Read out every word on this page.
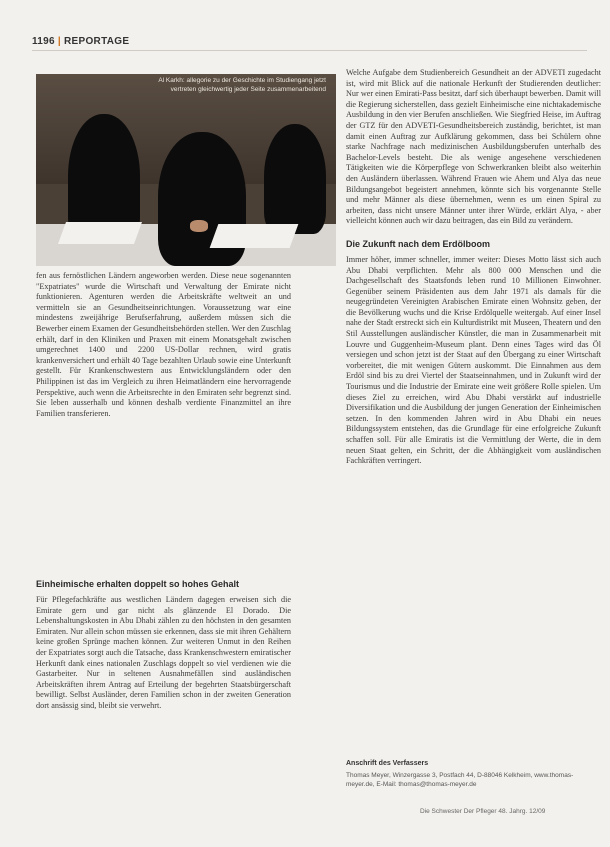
1196 | REPORTAGE
Al Karkh: allegorie zu der Geschichte im Studiengang jetzt vertreten gleichwertig jeder Seite zusammenarbeitend

fen aus fernöstlichen Ländern angeworben werden. Diese neue sogenannten "Expatriates" wurde die Wirtschaft und Verwaltung der Emirate nicht funktionieren. Agenturen werden die Arbeitskräfte weltweit an und vermitteln sie an Gesundheitseinrichtungen. Voraussetzung war eine mindestens zweijährige Berufserfahrung, außerdem müssen sich die Bewerber einem Examen der Gesundheitsbehörden stellen. Wer den Zuschlag erhält, darf in den Kliniken und Praxen mit einem Monatsgehalt zwischen umgerechnet 1400 und 2200 US-Dollar rechnen, wird gratis krankenversichert und erhält 40 Tage bezahlten Urlaub sowie eine Unterkunft gestellt. Für Krankenschwestern aus Entwicklungsländern oder den Philippinen ist das im Vergleich zu ihren Heimatländern eine hervorragende Perspektive, auch wenn die Arbeitsrechte in den Emiraten sehr begrenzt sind. Sie leben ausserhalb und können deshalb verdiente Finanzmittel an ihre Familien transferieren.

Einheimische erhalten doppelt so hohes Gehalt

Für Pflegefachkräfte aus westlichen Ländern dagegen erweisen sich die Emirate gern und gar nicht als glänzende El Dorado. Die Lebenshaltungskosten in Abu Dhabi zählen zu den höchsten in den gesamten Emiraten. Nur allein schon müssen sie erkennen, dass sie mit ihren Gehältern keine großen Sprünge machen können. Zur weiteren Unmut in den Reihen der Expatriates sorgt auch die Tatsache, dass Krankenschwestern emiratischer Herkunft dank eines nationalen Zuschlags doppelt so viel verdienen wie die Gastarbeiter. Nur in seltenen Ausnahmefällen sind ausländischen Arbeitskräften ihrem Antrag auf Erteilung der begehrten Staatsbürgerschaft bewilligt. Selbst Ausländer, deren Familien schon in der zweiten Generation dort ansässig sind, bleibt sie verwehrt.

Welche Aufgabe dem Studienbereich Gesundheit an der ADVETI zugedacht ist, wird mit Blick auf die nationale Herkunft der Studierenden deutlicher: Nur wer einen Emirati-Pass besitzt, darf sich überhaupt bewerben. Damit will die Regierung sicherstellen, dass gezielt Einheimische eine nichtakademische Ausbildung in den vier Berufen anschließen. Wie Siegfried Heise, im Auftrag der GTZ für den ADVETI-Gesundheitsbereich zuständig, berichtet, ist man damit einen Auftrag zur Aufklärung gekommen, dass bei Schülern ohne starke Nachfrage nach medizinischen Ausbildungsberufen unterhalb des Bachelor-Levels besteht. Die als wenige angesehene verschiedenen Tätigkeiten wie die Körperpflege von Schwerkranken bleibt also weiterhin den Ausländern überlassen. Während Frauen wie Ahem und Alya das neue Bildungsangebot begeistert annehmen, könnte sich bis vorgenannte Stelle und mehr Männer als diese übernehmen, wenn es um einen Spiral zu arbeiten, dass nicht unsere Männer unter ihrer Würde, erklärt Alya, - aber vielleicht können auch wir dazu beitragen, das ein Bild zu verändern.

Die Zukunft nach dem Erdölboom

Immer höher, immer schneller, immer weiter: Dieses Motto lässt sich auch Abu Dhabi verpflichten. Mehr als 800 000 Menschen und die Dachgesellschaft des Staatsfonds leben rund 10 Millionen Einwohner. Gegenüber seinem Präsidenten aus dem Jahr 1971 als damals für die neugegründeten Vereinigten Arabischen Emirate einen Wohnsitz geben, der die Bevölkerung wuchs und die Krise Erdölquelle weitergab. Auf einer Insel nahe der Stadt erstreckt sich ein Kulturdistrikt mit Museen, Theatern und den Stil Ausstellungen ausländischer Künstler, die man in Zusammenarbeit mit Louvre und Guggenheim-Museum plant. Denn eines Tages wird das Öl versiegen und schon jetzt ist der Staat auf den Übergang zu einer Wirtschaft vorbereitet, die mit wenigen Gütern auskommt. Die Einnahmen aus dem Erdöl sind bis zu drei Viertel der Staatseinnahmen, und in Zukunft wird der Tourismus und die Industrie der Emirate eine weit größere Rolle spielen. Um dieses Ziel zu erreichen, wird Abu Dhabi verstärkt auf industrielle Diversifikation und die Ausbildung der jungen Generation der Einheimischen setzen. In den kommenden Jahren wird in Abu Dhabi ein neues Bildungssystem entstehen, das die Grundlage für eine erfolgreiche Zukunft schaffen soll. Für alle Emiratis ist die Vermittlung der Werte, die in dem neuen Staat gelten, ein Schritt, der die Abhängigkeit vom ausländischen Fachkräften verringert.

Anschrift des Verfassers
Thomas Meyer, Winzergasse 3, Postfach 44, D-88046 Kelkheim, www.thomas-meyer.de, E-Mail: thomas@thomas-meyer.de
Die Schwester Der Pfleger 48. Jahrg. 12/09
